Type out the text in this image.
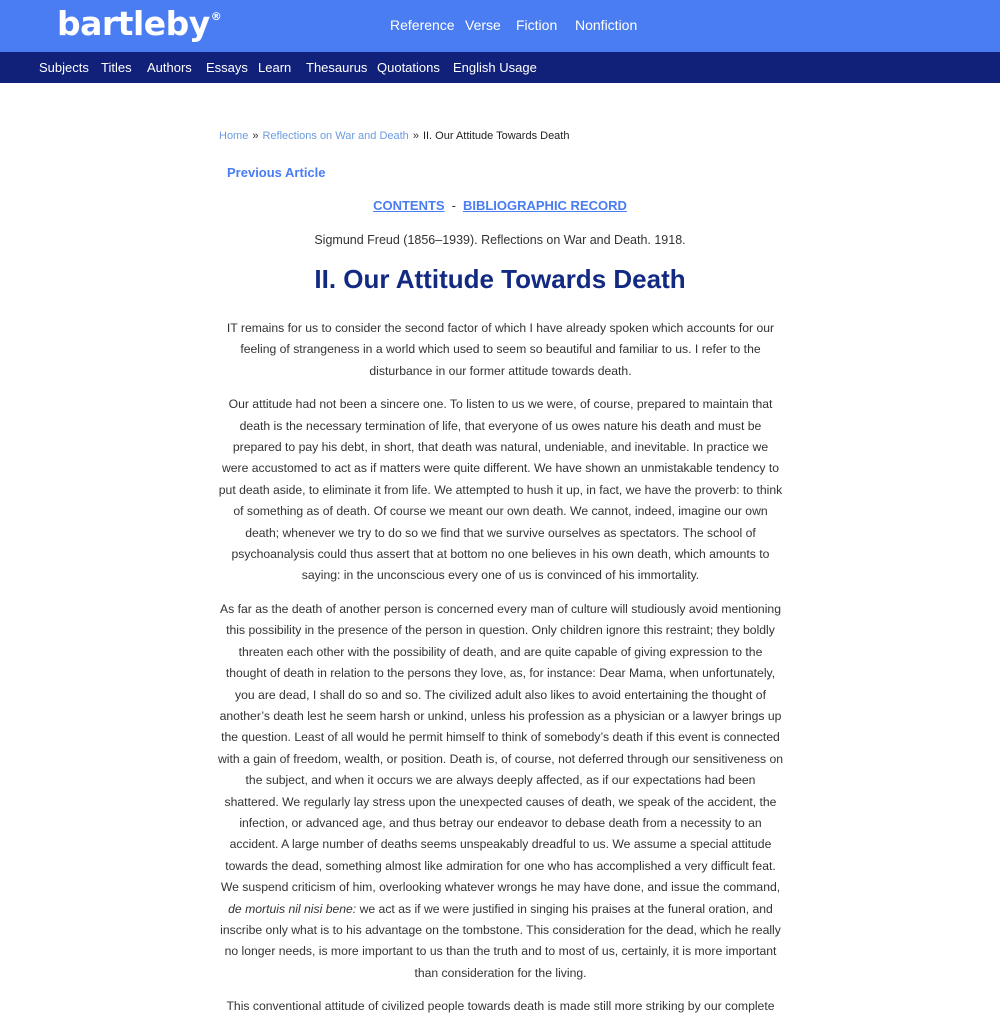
bartleby®
Reference Verse Fiction Nonfiction
Subjects Titles Authors Essays Learn Thesaurus Quotations English Usage
Home » Reflections on War and Death » II. Our Attitude Towards Death
Previous Article
CONTENTS - BIBLIOGRAPHIC RECORD
Sigmund Freud (1856–1939). Reflections on War and Death. 1918.
II. Our Attitude Towards Death

IT remains for us to consider the second factor of which I have already spoken which accounts for our feeling of strangeness in a world which used to seem so beautiful and familiar to us. I refer to the disturbance in our former attitude towards death.

Our attitude had not been a sincere one. To listen to us we were, of course, prepared to maintain that death is the necessary termination of life, that everyone of us owes nature his death and must be prepared to pay his debt, in short, that death was natural, undeniable, and inevitable. In practice we were accustomed to act as if matters were quite different. We have shown an unmistakable tendency to put death aside, to eliminate it from life. We attempted to hush it up, in fact, we have the proverb: to think of something as of death. Of course we meant our own death. We cannot, indeed, imagine our own death; whenever we try to do so we find that we survive ourselves as spectators. The school of psychoanalysis could thus assert that at bottom no one believes in his own death, which amounts to saying: in the unconscious every one of us is convinced of his immortality.

As far as the death of another person is concerned every man of culture will studiously avoid mentioning this possibility in the presence of the person in question. Only children ignore this restraint; they boldly threaten each other with the possibility of death, and are quite capable of giving expression to the thought of death in relation to the persons they love, as, for instance: Dear Mama, when unfortunately, you are dead, I shall do so and so. The civilized adult also likes to avoid entertaining the thought of another’s death lest he seem harsh or unkind, unless his profession as a physician or a lawyer brings up the question. Least of all would he permit himself to think of somebody’s death if this event is connected with a gain of freedom, wealth, or position. Death is, of course, not deferred through our sensitiveness on the subject, and when it occurs we are always deeply affected, as if our expectations had been shattered. We regularly lay stress upon the unexpected causes of death, we speak of the accident, the infection, or advanced age, and thus betray our endeavor to debase death from a necessity to an accident. A large number of deaths seems unspeakably dreadful to us. We assume a special attitude towards the dead, something almost like admiration for one who has accomplished a very difficult feat. We suspend criticism of him, overlooking whatever wrongs he may have done, and issue the command, de mortuis nil nisi bene: we act as if we were justified in singing his praises at the funeral oration, and inscribe only what is to his advantage on the tombstone. This consideration for the dead, which he really no longer needs, is more important to us than the truth and to most of us, certainly, it is more important than consideration for the living.

This conventional attitude of civilized people towards death is made still more striking by our complete
